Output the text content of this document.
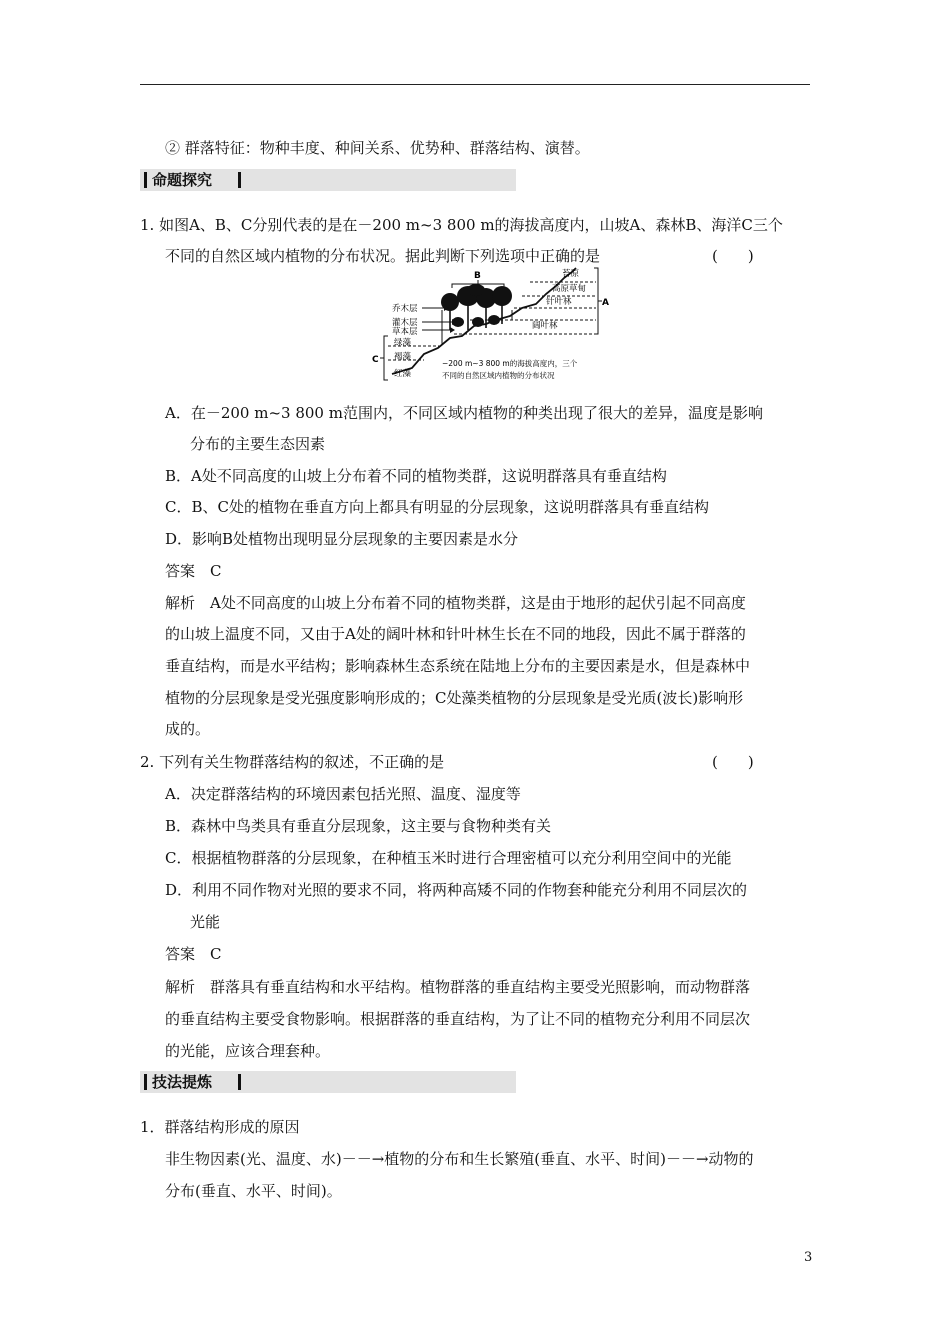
② 群落特征：物种丰度、种间关系、优势种、群落结构、演替。
命题探究
1. 如图A、B、C分别代表的是在－200 m~3 800 m的海拔高度内，山坡A、森林B、海洋C三个
不同的自然区域内植物的分布状况。据此判断下列选项中正确的是	(　　)
苔原
高原草甸
针叶林
阔叶林
A
B
C
乔木层
灌木层
草本层
绿藻
褐藻
红藻
−200 m~3 800 m的海拔高度内，三个
不同的自然区域内植物的分布状况
A．在－200 m~3 800 m范围内，不同区域内植物的种类出现了很大的差异，温度是影响
分布的主要生态因素
B．A处不同高度的山坡上分布着不同的植物类群，这说明群落具有垂直结构
C．B、C处的植物在垂直方向上都具有明显的分层现象，这说明群落具有垂直结构
D．影响B处植物出现明显分层现象的主要因素是水分
答案　C
解析　A处不同高度的山坡上分布着不同的植物类群，这是由于地形的起伏引起不同高度
的山坡上温度不同，又由于A处的阔叶林和针叶林生长在不同的地段，因此不属于群落的
垂直结构，而是水平结构；影响森林生态系统在陆地上分布的主要因素是水，但是森林中
植物的分层现象是受光强度影响形成的；C处藻类植物的分层现象是受光质(波长)影响形
成的。
2. 下列有关生物群落结构的叙述，不正确的是	(　　)
A．决定群落结构的环境因素包括光照、温度、湿度等
B．森林中鸟类具有垂直分层现象，这主要与食物种类有关
C．根据植物群落的分层现象，在种植玉米时进行合理密植可以充分利用空间中的光能
D．利用不同作物对光照的要求不同，将两种高矮不同的作物套种能充分利用不同层次的
光能
答案　C
解析　群落具有垂直结构和水平结构。植物群落的垂直结构主要受光照影响，而动物群落
的垂直结构主要受食物影响。根据群落的垂直结构，为了让不同的植物充分利用不同层次
的光能，应该合理套种。
技法提炼
1．群落结构形成的原因
非生物因素(光、温度、水)－－→植物的分布和生长繁殖(垂直、水平、时间)－－→动物的
分布(垂直、水平、时间)。
3
